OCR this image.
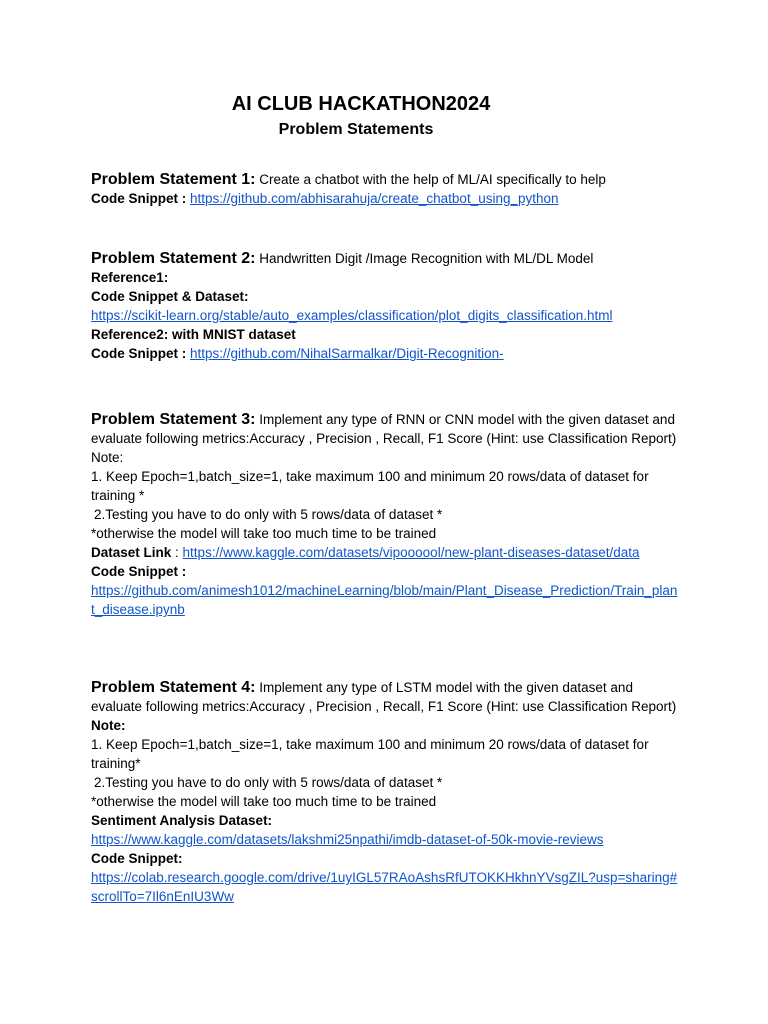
AI CLUB HACKATHON2024
Problem Statements
Problem Statement 1: Create a chatbot with the help of ML/AI specifically to help
Code Snippet : https://github.com/abhisarahuja/create_chatbot_using_python
Problem Statement 2: Handwritten Digit /Image Recognition with ML/DL Model
Reference1:
Code Snippet & Dataset:
https://scikit-learn.org/stable/auto_examples/classification/plot_digits_classification.html
Reference2: with MNIST dataset
Code Snippet : https://github.com/NihalSarmalkar/Digit-Recognition-
Problem Statement 3: Implement any type of RNN or CNN model with the given dataset and evaluate following metrics:Accuracy , Precision , Recall, F1 Score (Hint: use Classification Report)
Note:
1. Keep Epoch=1,batch_size=1, take maximum 100 and minimum 20 rows/data of dataset for training *
2.Testing you have to do only with 5 rows/data of dataset *
*otherwise the model will take too much time to be trained
Dataset Link : https://www.kaggle.com/datasets/vipoooool/new-plant-diseases-dataset/data
Code Snippet :
https://github.com/animesh1012/machineLearning/blob/main/Plant_Disease_Prediction/Train_plant_disease.ipynb
Problem Statement 4: Implement any type of LSTM model with the given dataset and evaluate following metrics:Accuracy , Precision , Recall, F1 Score (Hint: use Classification Report)
Note:
1. Keep Epoch=1,batch_size=1, take maximum 100 and minimum 20 rows/data of dataset for training*
2.Testing you have to do only with 5 rows/data of dataset *
*otherwise the model will take too much time to be trained
Sentiment Analysis Dataset:
https://www.kaggle.com/datasets/lakshmi25npathi/imdb-dataset-of-50k-movie-reviews
Code Snippet:
https://colab.research.google.com/drive/1uyIGL57RAoAshsRfUTOKKHkhnYVsgZIL?usp=sharing#scrollTo=7Il6nEnIU3Ww
